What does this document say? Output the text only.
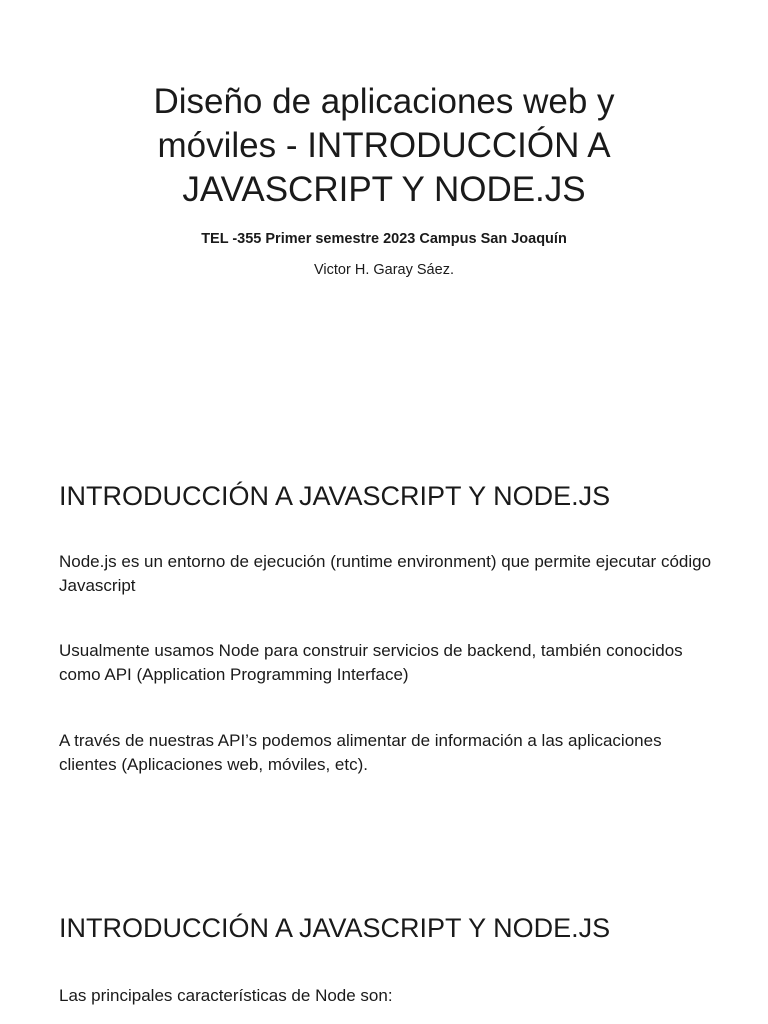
Diseño de aplicaciones web y móviles - INTRODUCCIÓN A JAVASCRIPT Y NODE.JS

TEL -355 Primer semestre 2023 Campus San Joaquín

Victor H. Garay Sáez.

INTRODUCCIÓN A JAVASCRIPT Y NODE.JS

Node.js es un entorno de ejecución (runtime environment) que permite ejecutar código Javascript

Usualmente usamos Node para construir servicios de backend, también conocidos como API (Application Programming Interface)

A través de nuestras API’s podemos alimentar de información a las aplicaciones clientes (Aplicaciones web, móviles, etc).

INTRODUCCIÓN A JAVASCRIPT Y NODE.JS

Las principales características de Node son:
